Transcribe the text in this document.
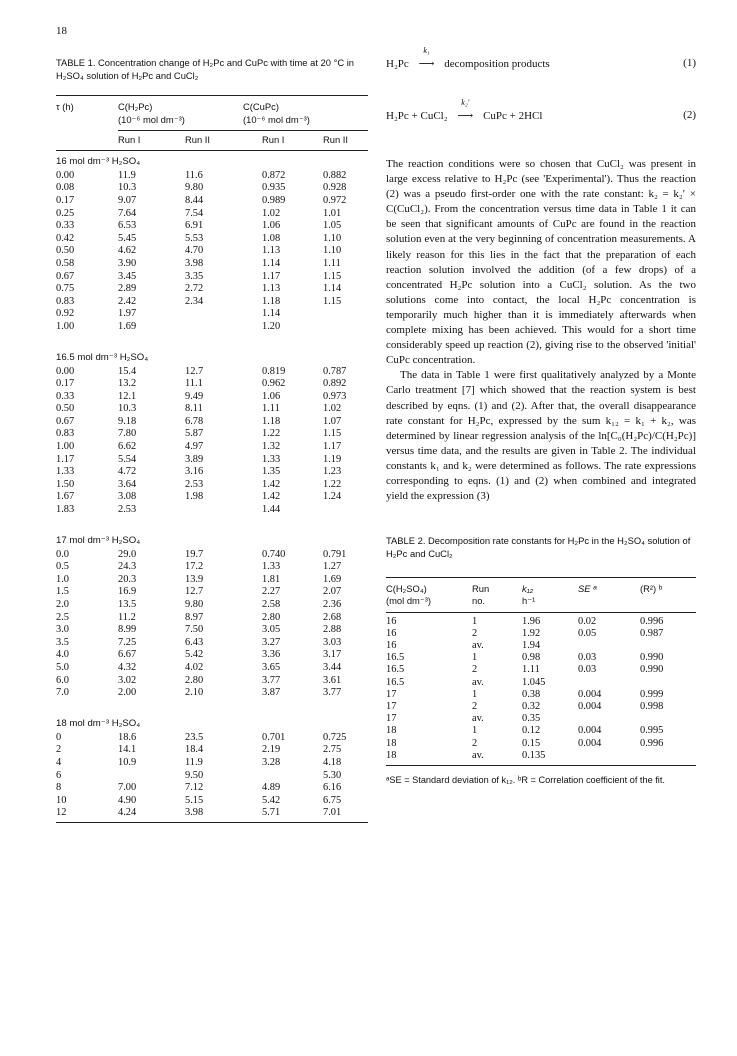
18
TABLE 1. Concentration change of H₂Pc and CuPc with time at 20 °C in H₂SO₄ solution of H₂Pc and CuCl₂
τ (h)	C(H₂Pc)	C(CuPc)
	(10⁻⁶ mol dm⁻³)	(10⁻⁶ mol dm⁻³)
	Run I	Run II	Run I	Run II
16 mol dm⁻³ H₂SO₄
0.00	11.9	11.6	0.872	0.882
0.08	10.3	9.80	0.935	0.928
0.17	9.07	8.44	0.989	0.972
0.25	7.64	7.54	1.02	1.01
0.33	6.53	6.91	1.06	1.05
0.42	5.45	5.53	1.08	1.10
0.50	4.62	4.70	1.13	1.10
0.58	3.90	3.98	1.14	1.11
0.67	3.45	3.35	1.17	1.15
0.75	2.89	2.72	1.13	1.14
0.83	2.42	2.34	1.18	1.15
0.92	1.97		1.14	
1.00	1.69		1.20	
16.5 mol dm⁻³ H₂SO₄
0.00	15.4	12.7	0.819	0.787
0.17	13.2	11.1	0.962	0.892
0.33	12.1	9.49	1.06	0.973
0.50	10.3	8.11	1.11	1.02
0.67	9.18	6.78	1.18	1.07
0.83	7.80	5.87	1.22	1.15
1.00	6.62	4.97	1.32	1.17
1.17	5.54	3.89	1.33	1.19
1.33	4.72	3.16	1.35	1.23
1.50	3.64	2.53	1.42	1.22
1.67	3.08	1.98	1.42	1.24
1.83	2.53		1.44	
17 mol dm⁻³ H₂SO₄
0.0	29.0	19.7	0.740	0.791
0.5	24.3	17.2	1.33	1.27
1.0	20.3	13.9	1.81	1.69
1.5	16.9	12.7	2.27	2.07
2.0	13.5	9.80	2.58	2.36
2.5	11.2	8.97	2.80	2.68
3.0	8.99	7.50	3.05	2.88
3.5	7.25	6.43	3.27	3.03
4.0	6.67	5.42	3.36	3.17
5.0	4.32	4.02	3.65	3.44
6.0	3.02	2.80	3.77	3.61
7.0	2.00	2.10	3.87	3.77
18 mol dm⁻³ H₂SO₄
0	18.6	23.5	0.701	0.725
2	14.1	18.4	2.19	2.75
4	10.9	11.9	3.28	4.18
6		9.50		5.30
8	7.00	7.12	4.89	6.16
10	4.90	5.15	5.42	6.75
12	4.24	3.98	5.71	7.01
H₂Pc
k₁
⟶ decomposition products	(1)
H₂Pc + CuCl₂
k₂′
⟶ CuPc + 2HCl	(2)

The reaction conditions were so chosen that CuCl₂ was present in large excess relative to H₂Pc (see 'Experimental'). Thus the reaction (2) was a pseudo first-order one with the rate constant: k₂ = k₂′ × C(CuCl₂). From the concentration versus time data in Table 1 it can be seen that significant amounts of CuPc are found in the reaction solution even at the very beginning of concentration measurements. A likely reason for this lies in the fact that the preparation of each reaction solution involved the addition (of a few drops) of a concentrated H₂Pc solution into a CuCl₂ solution. As the two solutions come into contact, the local H₂Pc concentration is temporarily much higher than it is immediately afterwards when complete mixing has been achieved. This would for a short time considerably speed up reaction (2), giving rise to the observed 'initial' CuPc concentration.

The data in Table 1 were first qualitatively analyzed by a Monte Carlo treatment [7] which showed that the reaction system is best described by eqns. (1) and (2). After that, the overall disappearance rate constant for H₂Pc, expressed by the sum k₁₂ = k₁ + k₂, was determined by linear regression analysis of the ln[C₀(H₂Pc)/C(H₂Pc)] versus time data, and the results are given in Table 2. The individual constants k₁ and k₂ were determined as follows. The rate expressions corresponding to eqns. (1) and (2) when combined and integrated yield the expression (3)

TABLE 2. Decomposition rate constants for H₂Pc in the H₂SO₄ solution of H₂Pc and CuCl₂
C(H₂SO₄)	Run	k₁₂	SE ᵃ	(R²) ᵇ
(mol dm⁻³)	no.	h⁻¹		
16	1	1.96	0.02	0.996
16	2	1.92	0.05	0.987
16	av.	1.94		
16.5	1	0.98	0.03	0.990
16.5	2	1.11	0.03	0.990
16.5	av.	1.045		
17	1	0.38	0.004	0.999
17	2	0.32	0.004	0.998
17	av.	0.35		
18	1	0.12	0.004	0.995
18	2	0.15	0.004	0.996
18	av.	0.135		
ᵃSE = Standard deviation of k₁₂. ᵇR = Correlation coefficient of the fit.
